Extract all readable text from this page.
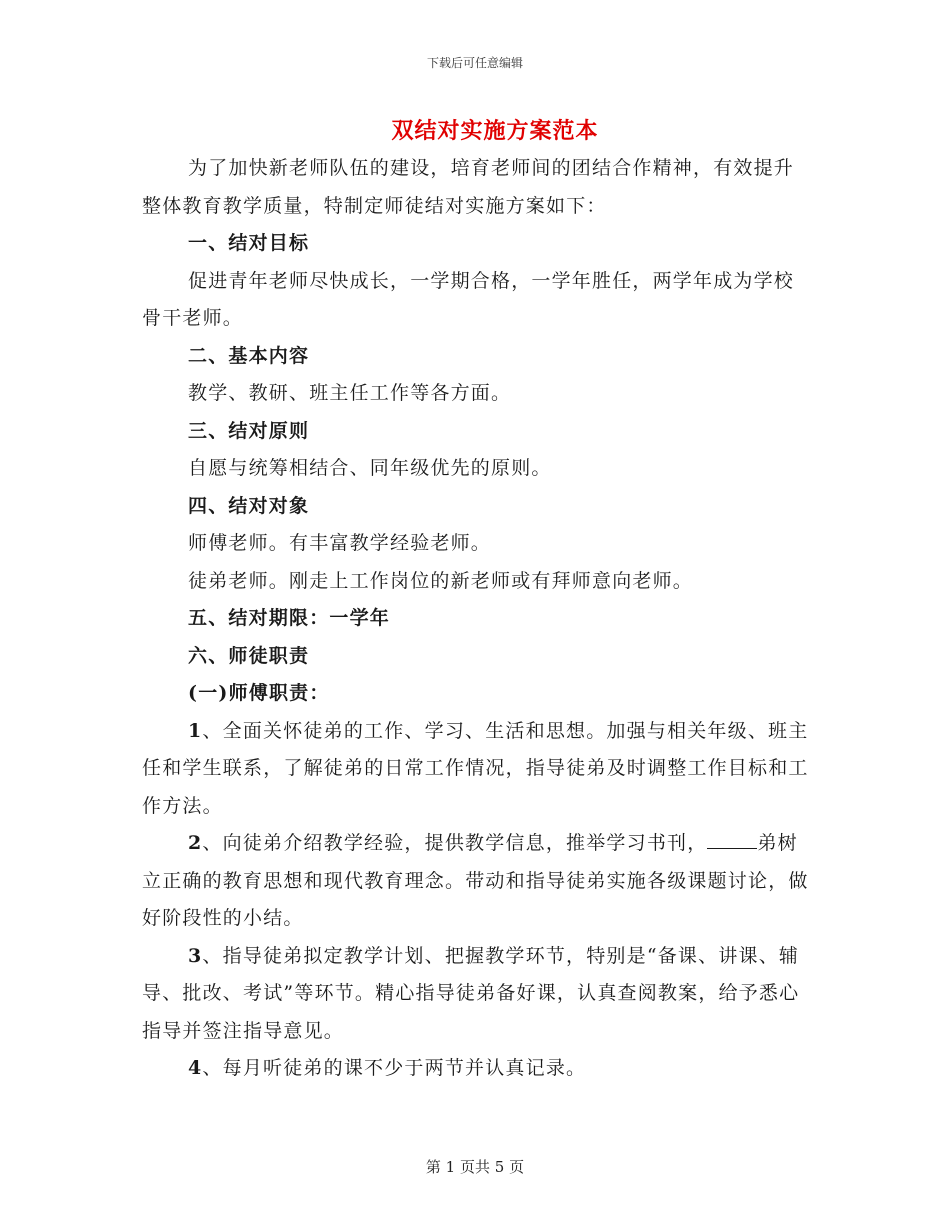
下载后可任意编辑
双结对实施方案范本

为了加快新老师队伍的建设，培育老师间的团结合作精神，有效提升整体教育教学质量，特制定师徒结对实施方案如下：

一、结对目标

促进青年老师尽快成长，一学期合格，一学年胜任，两学年成为学校骨干老师。

二、基本内容

教学、教研、班主任工作等各方面。

三、结对原则

自愿与统筹相结合、同年级优先的原则。

四、结对对象

师傅老师。有丰富教学经验老师。

徒弟老师。刚走上工作岗位的新老师或有拜师意向老师。

五、结对期限：一学年

六、师徒职责

(一)师傅职责：

1、全面关怀徒弟的工作、学习、生活和思想。加强与相关年级、班主任和学生联系，了解徒弟的日常工作情况，指导徒弟及时调整工作目标和工作方法。

2、向徒弟介绍教学经验，提供教学信息，推举学习书刊，	弟树立正确的教育思想和现代教育理念。带动和指导徒弟实施各级课题讨论，做好阶段性的小结。

3、指导徒弟拟定教学计划、把握教学环节，特别是“备课、讲课、辅导、批改、考试”等环节。精心指导徒弟备好课，认真查阅教案，给予悉心指导并签注指导意见。

4、每月听徒弟的课不少于两节并认真记录。

第 1 页共 5 页
